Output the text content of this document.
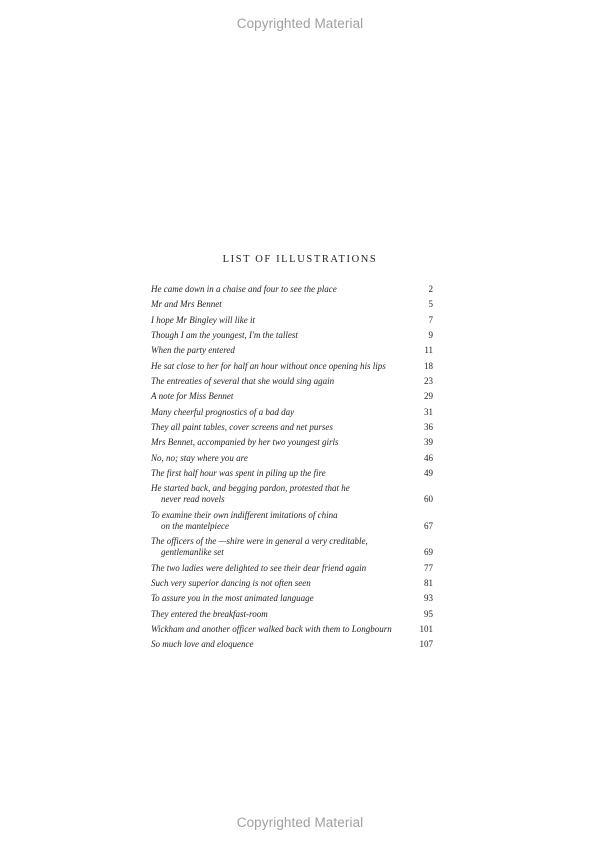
Copyrighted Material
LIST OF ILLUSTRATIONS
He came down in a chaise and four to see the place	2
Mr and Mrs Bennet	5
I hope Mr Bingley will like it	7
Though I am the youngest, I'm the tallest	9
When the party entered	11
He sat close to her for half an hour without once opening his lips	18
The entreaties of several that she would sing again	23
A note for Miss Bennet	29
Many cheerful prognostics of a bad day	31
They all paint tables, cover screens and net purses	36
Mrs Bennet, accompanied by her two youngest girls	39
No, no; stay where you are	46
The first half hour was spent in piling up the fire	49
He started back, and begging pardon, protested that he
never read novels	60
To examine their own indifferent imitations of china
on the mantelpiece	67
The officers of the —shire were in general a very creditable,
gentlemanlike set	69
The two ladies were delighted to see their dear friend again	77
Such very superior dancing is not often seen	81
To assure you in the most animated language	93
They entered the breakfast-room	95
Wickham and another officer walked back with them to Longbourn	101
So much love and eloquence	107
Copyrighted Material
